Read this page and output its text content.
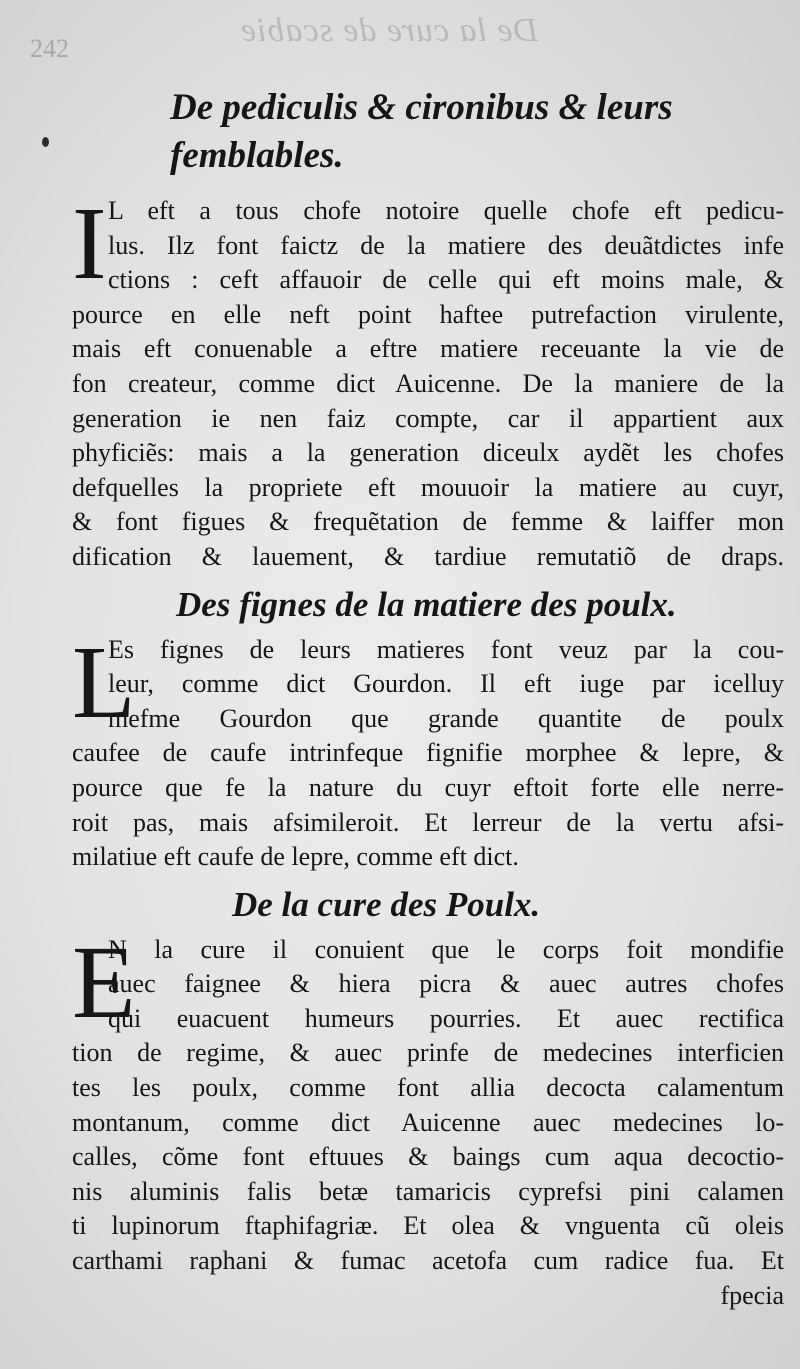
242	De la cure de scabie
De pediculis & cironibus & leurs
femblables.
I L eft a tous chofe notoire quelle chofe eft pedicu-
lus. Ilz font faictz de la matiere des deuãtdictes infe
ctions : ceft affauoir de celle qui eft moins male, &
pource en elle neft point haftee putrefaction virulente,
mais eft conuenable a eftre matiere receuante la vie de
fon createur, comme dict Auicenne. De la maniere de la
generation ie nen faiz compte, car il appartient aux
phyficiẽs: mais a la generation diceulx aydẽt les chofes
defquelles la propriete eft mouuoir la matiere au cuyr,
& font figues & frequẽtation de femme & laiffer mon
dification & lauement, & tardiue remutatiõ de draps.
Des fignes de la matiere des poulx.
L
Es fignes de leurs matieres font veuz par la cou-
leur, comme dict Gourdon. Il eft iuge par icelluy
mefme Gourdon que grande quantite de poulx
caufee de caufe intrinfeque fignifie morphee & lepre, &
pource que fe la nature du cuyr eftoit forte elle nerre-
roit pas, mais afsimileroit. Et lerreur de la vertu afsi-
milatiue eft caufe de lepre, comme eft dict.
De la cure des Poulx.
E
N la cure il conuient que le corps foit mondifie
auec faignee & hiera picra & auec autres chofes
qui euacuent humeurs pourries. Et auec rectifica
tion de regime, & auec prinfe de medecines interficien
tes les poulx, comme font allia decocta calamentum
montanum, comme dict Auicenne auec medecines lo-
calles, cõme font eftuues & baings cum aqua decoctio-
nis aluminis falis betæ tamaricis cyprefsi pini calamen
ti lupinorum ftaphifagriæ. Et olea & vnguenta cũ oleis
carthami raphani & fumac acetofa cum radice fua. Et
fpecia
